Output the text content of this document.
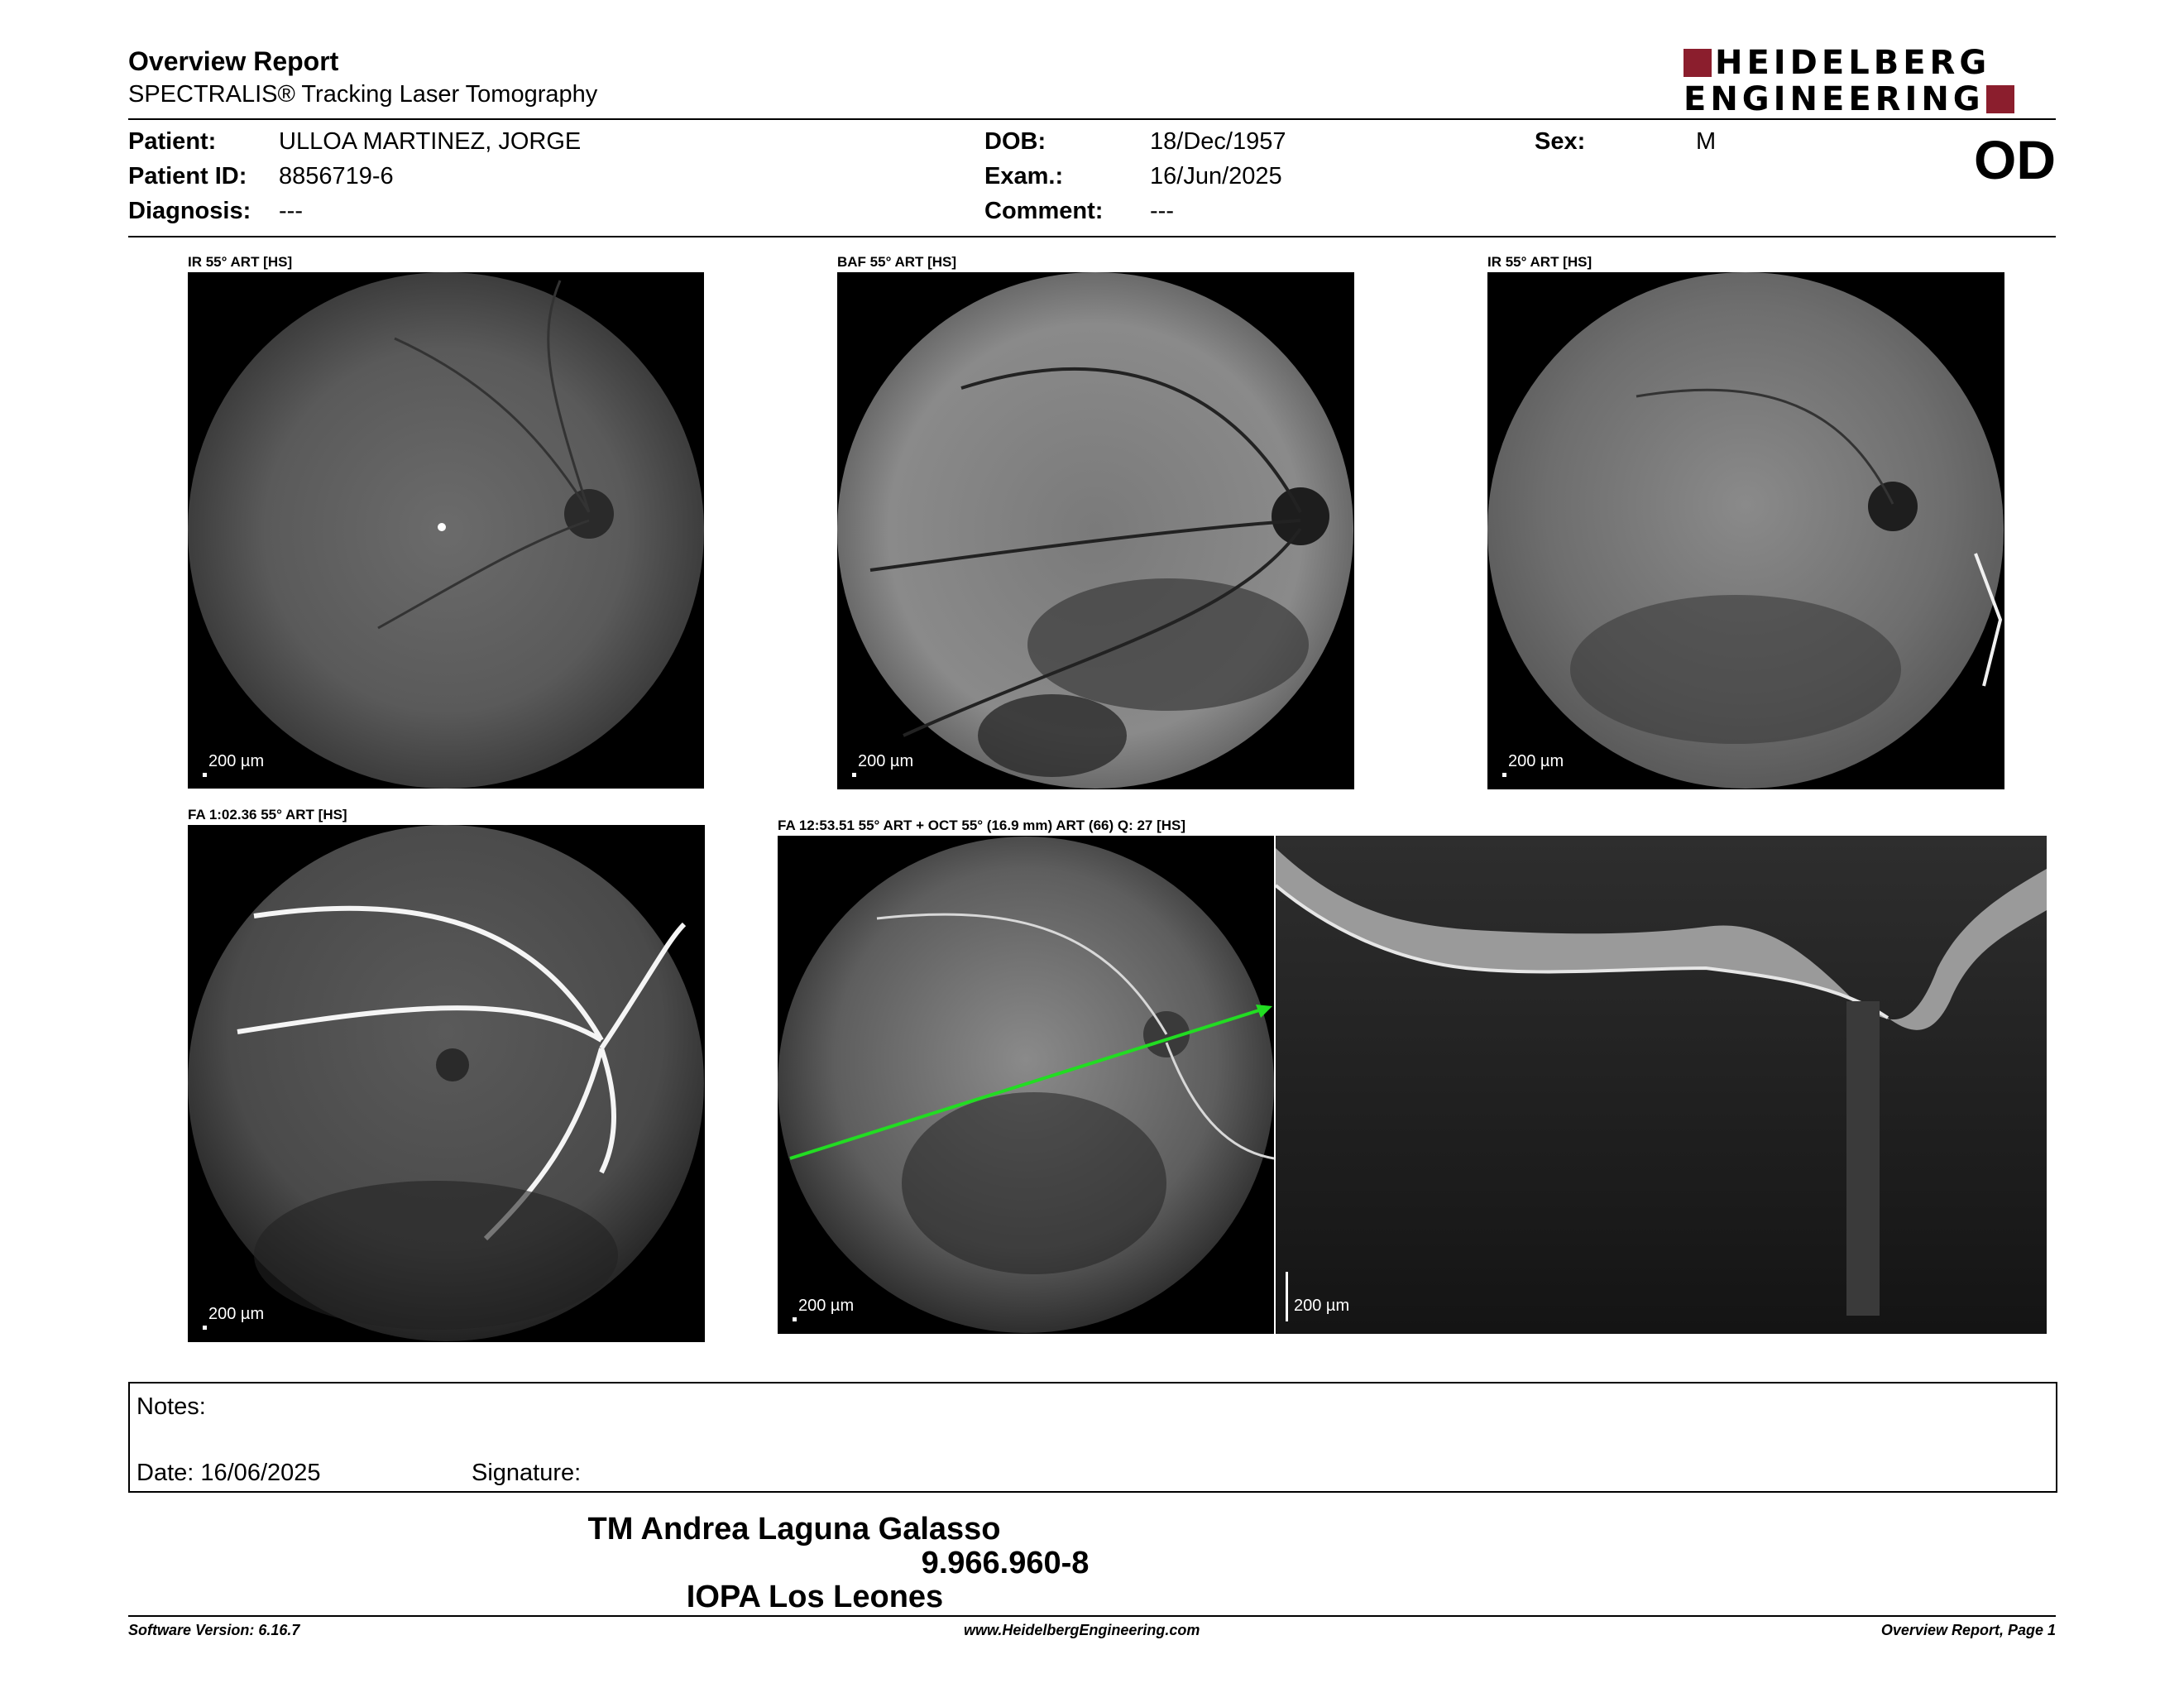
Overview Report
SPECTRALIS® Tracking Laser Tomography
HEIDELBERG
ENGINEERING
Patient:	ULLOA MARTINEZ, JORGE
Patient ID: 8856719-6
Diagnosis: ---
DOB:	18/Dec/1957
Exam.:	16/Jun/2025
Comment: ---
Sex:	M	OD
IR 55° ART [HS]
200 µm
BAF 55° ART [HS]
200 µm
IR 55° ART [HS]
200 µm
FA 1:02.36 55° ART [HS]
200 µm
FA 12:53.51 55° ART + OCT 55° (16.9 mm) ART (66) Q: 27 [HS]
200 µm	200 µm
Notes:
Date: 16/06/2025	Signature:
TM Andrea Laguna Galasso
9.966.960-8
IOPA Los Leones
Software Version: 6.16.7	www.HeidelbergEngineering.com	Overview Report, Page 1
